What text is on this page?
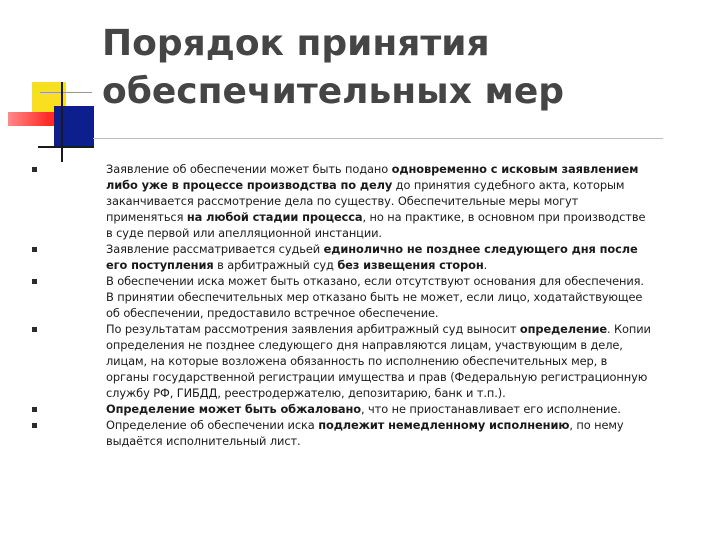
Порядок принятия
обеспечительных мер

Заявление об обеспечении может быть подано одновременно с исковым заявлением
либо уже в процессе производства по делу до принятия судебного акта, которым
заканчивается рассмотрение дела по существу. Обеспечительные меры могут
применяться на любой стадии процесса, но на практике, в основном при производстве
в суде первой или апелляционной инстанции.

Заявление рассматривается судьей единолично не позднее следующего дня после
его поступления в арбитражный суд без извещения сторон.

В обеспечении иска может быть отказано, если отсутствуют основания для обеспечения.
В принятии обеспечительных мер отказано быть не может, если лицо, ходатайствующее
об обеспечении, предоставило встречное обеспечение.

По результатам рассмотрения заявления арбитражный суд выносит определение. Копии
определения не позднее следующего дня направляются лицам, участвующим в деле,
лицам, на которые возложена обязанность по исполнению обеспечительных мер, в
органы государственной регистрации имущества и прав (Федеральную регистрационную
службу РФ, ГИБДД, реестродержателю, депозитарию, банк и т.п.).

Определение может быть обжаловано, что не приостанавливает его исполнение.

Определение об обеспечении иска подлежит немедленному исполнению, по нему
выдаётся исполнительный лист.
